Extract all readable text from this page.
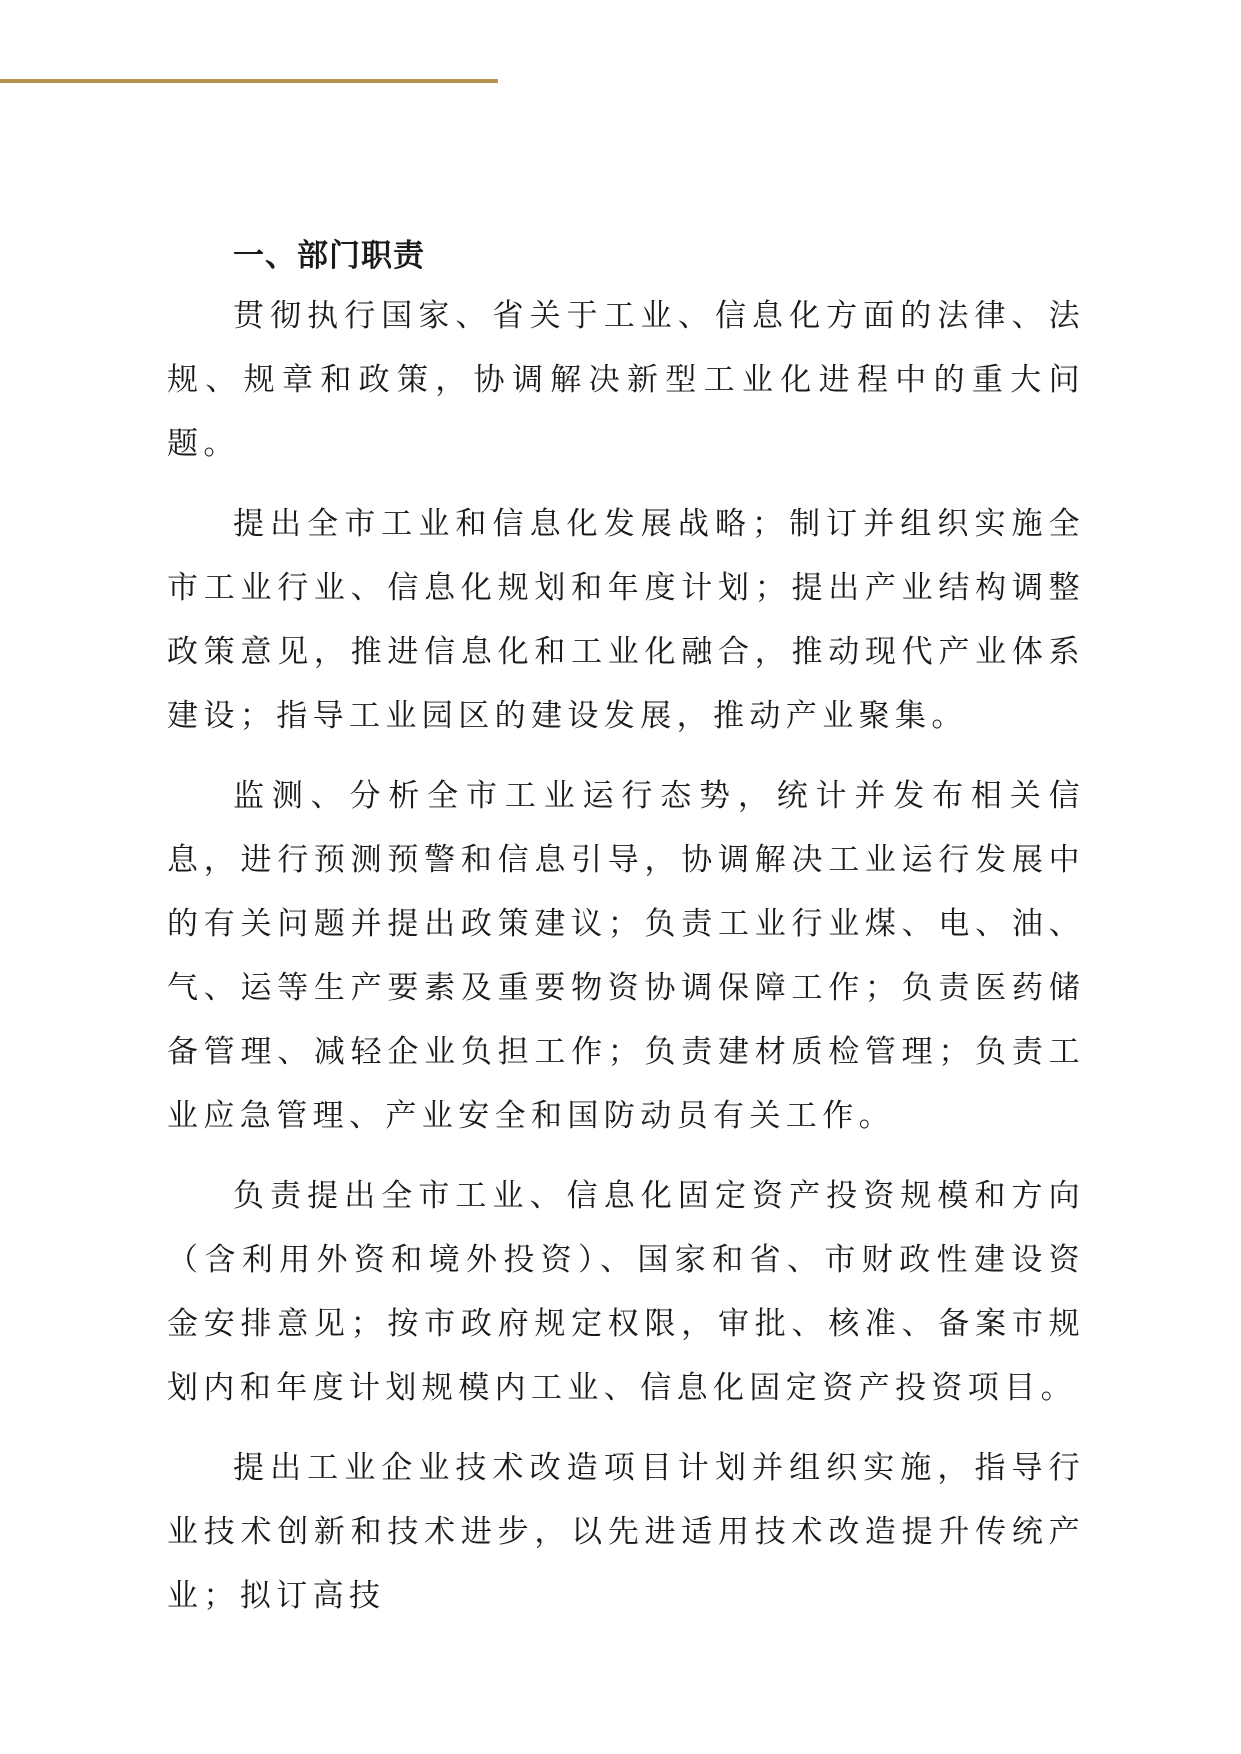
一、部门职责

贯彻执行国家、省关于工业、信息化方面的法律、法规、规章和政策，协调解决新型工业化进程中的重大问题。

提出全市工业和信息化发展战略；制订并组织实施全市工业行业、信息化规划和年度计划；提出产业结构调整政策意见，推进信息化和工业化融合，推动现代产业体系建设；指导工业园区的建设发展，推动产业聚集。

监测、分析全市工业运行态势，统计并发布相关信息，进行预测预警和信息引导，协调解决工业运行发展中的有关问题并提出政策建议；负责工业行业煤、电、油、气、运等生产要素及重要物资协调保障工作；负责医药储备管理、减轻企业负担工作；负责建材质检管理；负责工业应急管理、产业安全和国防动员有关工作。

负责提出全市工业、信息化固定资产投资规模和方向（含利用外资和境外投资）、国家和省、市财政性建设资金安排意见；按市政府规定权限，审批、核准、备案市规划内和年度计划规模内工业、信息化固定资产投资项目。

提出工业企业技术改造项目计划并组织实施，指导行业技术创新和技术进步，以先进适用技术改造提升传统产业；拟订高技
